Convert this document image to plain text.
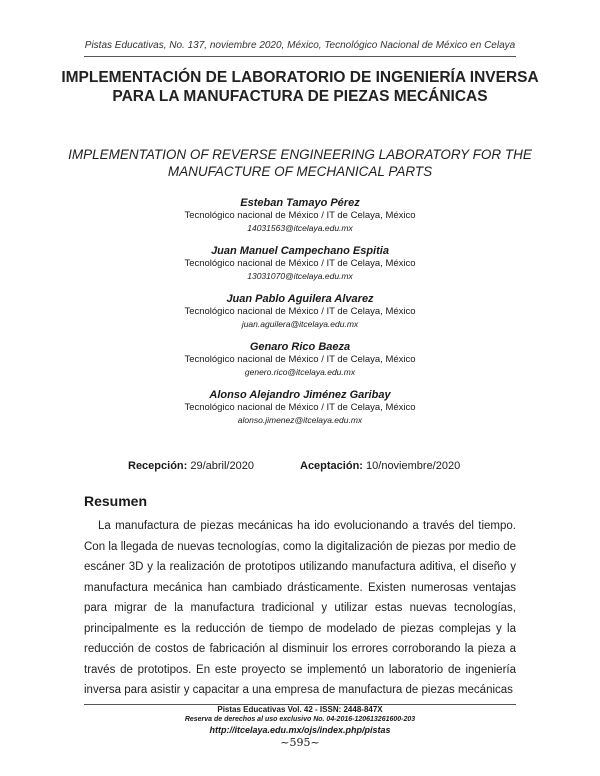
Pistas Educativas, No. 137, noviembre 2020, México, Tecnológico Nacional de México en Celaya
IMPLEMENTACIÓN DE LABORATORIO DE INGENIERÍA INVERSA PARA LA MANUFACTURA DE PIEZAS MECÁNICAS
IMPLEMENTATION OF REVERSE ENGINEERING LABORATORY FOR THE MANUFACTURE OF MECHANICAL PARTS
Esteban Tamayo Pérez
Tecnológico nacional de México / IT de Celaya, México
14031563@itcelaya.edu.mx
Juan Manuel Campechano Espitia
Tecnológico nacional de México / IT de Celaya, México
13031070@itcelaya.edu.mx
Juan Pablo Aguilera Alvarez
Tecnológico nacional de México / IT de Celaya, México
juan.aguilera@itcelaya.edu.mx
Genaro Rico Baeza
Tecnológico nacional de México / IT de Celaya, México
genero.rico@itcelaya.edu.mx
Alonso Alejandro Jiménez Garibay
Tecnológico nacional de México / IT de Celaya, México
alonso.jimenez@itcelaya.edu.mx
Recepción: 29/abril/2020	Aceptación: 10/noviembre/2020
Resumen
La manufactura de piezas mecánicas ha ido evolucionando a través del tiempo. Con la llegada de nuevas tecnologías, como la digitalización de piezas por medio de escáner 3D y la realización de prototipos utilizando manufactura aditiva, el diseño y manufactura mecánica han cambiado drásticamente. Existen numerosas ventajas para migrar de la manufactura tradicional y utilizar estas nuevas tecnologías, principalmente es la reducción de tiempo de modelado de piezas complejas y la reducción de costos de fabricación al disminuir los errores corroborando la pieza a través de prototipos. En este proyecto se implementó un laboratorio de ingeniería inversa para asistir y capacitar a una empresa de manufactura de piezas mecánicas
Pistas Educativas Vol. 42 - ISSN: 2448-847X
Reserva de derechos al uso exclusivo No. 04-2016-120613261600-203
http://itcelaya.edu.mx/ojs/index.php/pistas
~595~
